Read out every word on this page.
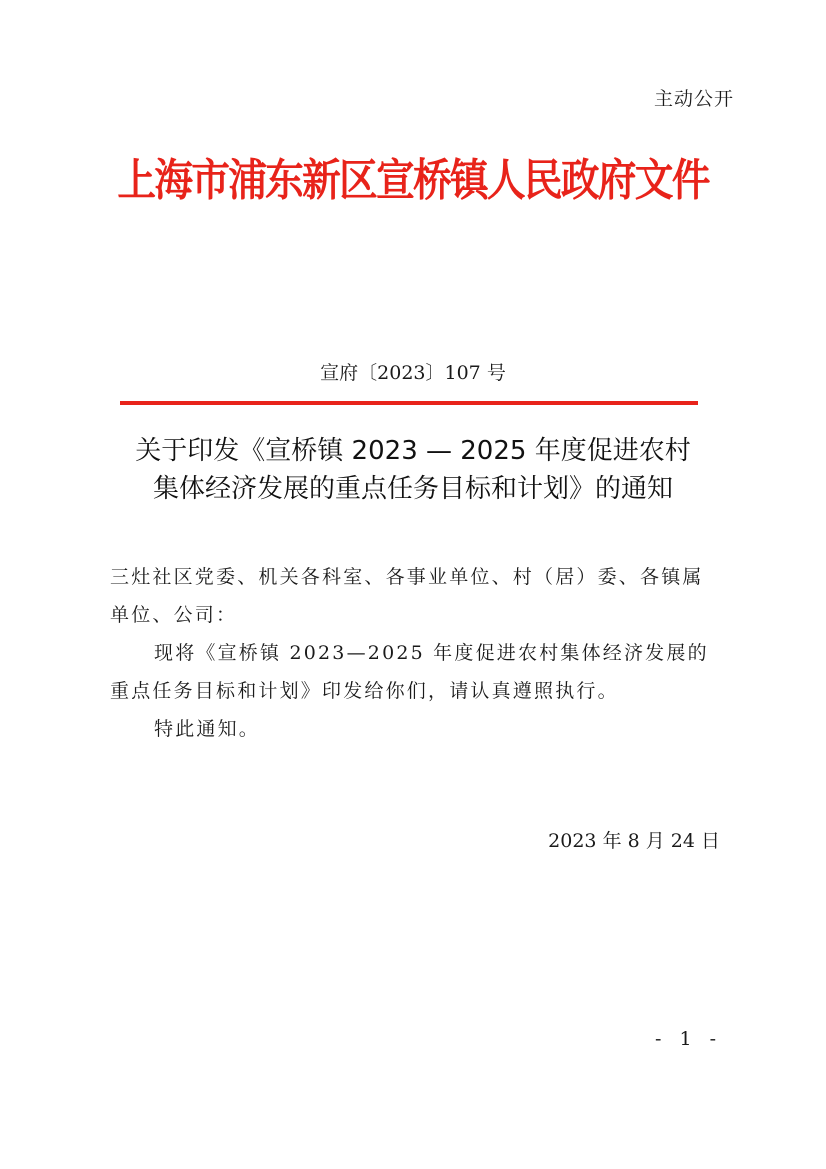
主动公开
上海市浦东新区宣桥镇人民政府文件
宣府〔2023〕107 号
关于印发《宣桥镇 2023 — 2025 年度促进农村
集体经济发展的重点任务目标和计划》的通知

三灶社区党委、机关各科室、各事业单位、村（居）委、各镇属单位、公司：

现将《宣桥镇 2023—2025 年度促进农村集体经济发展的重点任务目标和计划》印发给你们，请认真遵照执行。

特此通知。

2023 年 8 月 24 日
- 1 -
